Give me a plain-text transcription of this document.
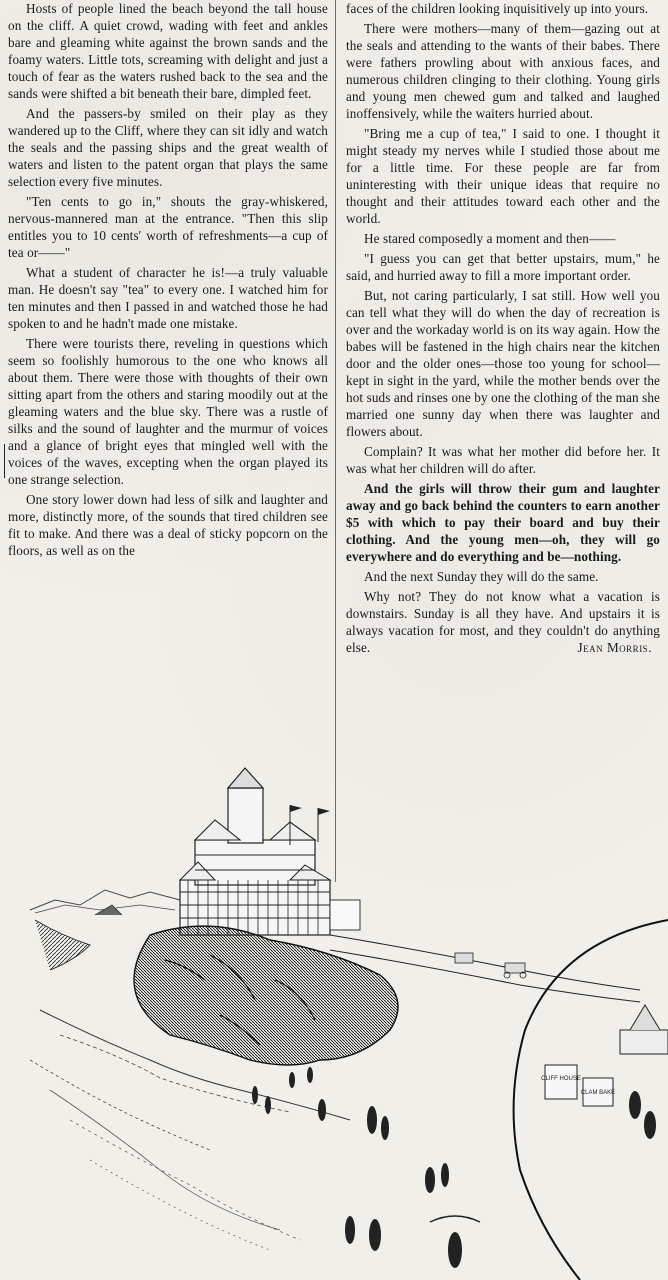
Hosts of people lined the beach beyond the tall house on the cliff. A quiet crowd, wading with feet and ankles bare and gleaming white against the brown sands and the foamy waters. Little tots, screaming with delight and just a touch of fear as the waters rushed back to the sea and the sands were shifted a bit beneath their bare, dimpled feet.

And the passers-by smiled on their play as they wandered up to the Cliff, where they can sit idly and watch the seals and the passing ships and the great wealth of waters and listen to the patent organ that plays the same selection every five minutes.

"Ten cents to go in," shouts the gray-whiskered, nervous-mannered man at the entrance. "Then this slip entitles you to 10 cents' worth of refreshments—a cup of tea or——"

What a student of character he is!—a truly valuable man. He doesn't say "tea" to every one. I watched him for ten minutes and then I passed in and watched those he had spoken to and he hadn't made one mistake.

There were tourists there, reveling in questions which seem so foolishly humorous to the one who knows all about them. There were those with thoughts of their own sitting apart from the others and staring moodily out at the gleaming waters and the blue sky. There was a rustle of silks and the sound of laughter and the murmur of voices and a glance of bright eyes that mingled well with the voices of the waves, excepting when the organ played its one strange selection.

One story lower down had less of silk and laughter and more, distinctly more, of the sounds that tired children see fit to make. And there was a deal of sticky popcorn on the floors, as well as on the

faces of the children looking inquisitively up into yours.

There were mothers—many of them—gazing out at the seals and attending to the wants of their babes. There were fathers prowling about with anxious faces, and numerous children clinging to their clothing. Young girls and young men chewed gum and talked and laughed inoffensively, while the waiters hurried about.

"Bring me a cup of tea," I said to one. I thought it might steady my nerves while I studied those about me for a little time. For these people are far from uninteresting with their unique ideas that require no thought and their attitudes toward each other and the world.

He stared composedly a moment and then——

"I guess you can get that better upstairs, mum," he said, and hurried away to fill a more important order.

But, not caring particularly, I sat still. How well you can tell what they will do when the day of recreation is over and the workaday world is on its way again. How the babes will be fastened in the high chairs near the kitchen door and the older ones—those too young for school—kept in sight in the yard, while the mother bends over the hot suds and rinses one by one the clothing of the man she married one sunny day when there was laughter and flowers about.

Complain? It was what her mother did before her. It was what her children will do after.

And the girls will throw their gum and laughter away and go back behind the counters to earn another $5 with which to pay their board and buy their clothing. And the young men—oh, they will go everywhere and do everything and be—nothing.

And the next Sunday they will do the same.

Why not? They do not know what a vacation is downstairs. Sunday is all they have. And upstairs it is always vacation for most, and they couldn't do anything else.	Jean Morris.

CLIFF HOUSE
CLAM BAKE
